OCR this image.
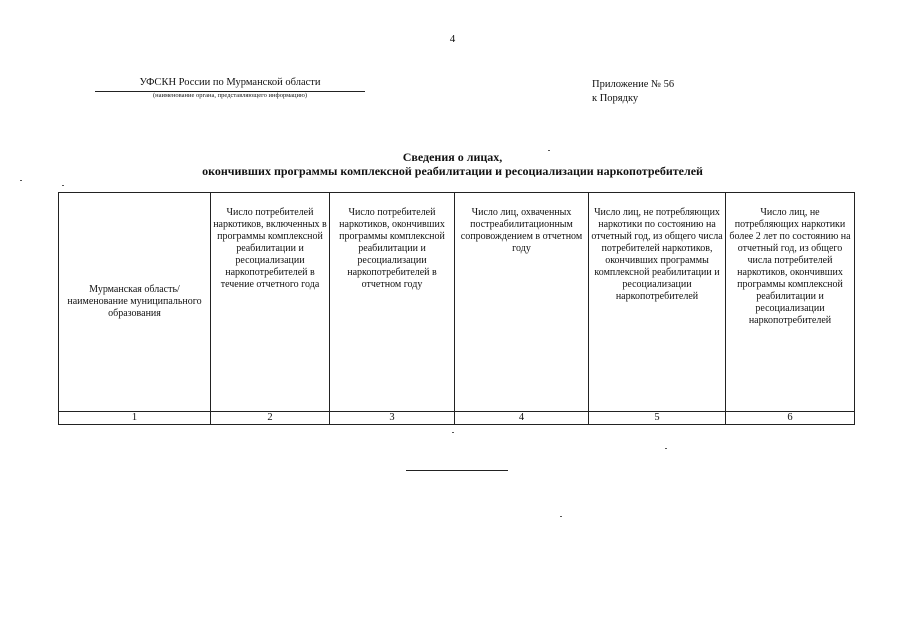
4
УФСКН России по Мурманской области
(наименование органа, представляющего информацию)
Приложение № 56
к Порядку
Сведения о лицах,
окончивших программы комплексной реабилитации и ресоциализации наркопотребителей
Мурманская область/ наименование муниципального образования	Число потребителей наркотиков, включенных в программы комплексной реабилитации и ресоциализации наркопотребителей в течение отчетного года	Число потребителей наркотиков, окончивших программы комплексной реабилитации и ресоциализации наркопотребителей в отчетном году	Число лиц, охваченных постреабилитационным сопровождением в отчетном году	Число лиц, не потребляющих наркотики по состоянию на отчетный год, из общего числа потребителей наркотиков, окончивших программы комплексной реабилитации и ресоциализации наркопотребителей	Число лиц, не потребляющих наркотики более 2 лет по состоянию на отчетный год, из общего числа потребителей наркотиков, окончивших программы комплексной реабилитации и ресоциализации наркопотребителей
1	2	3	4	5	6
